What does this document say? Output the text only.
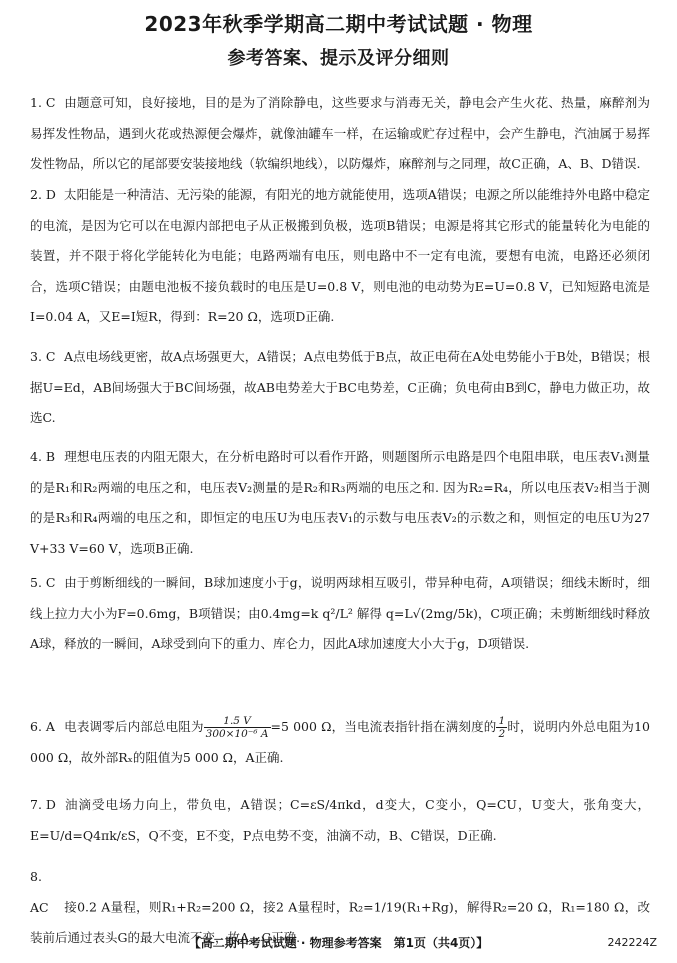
2023年秋季学期高二期中考试试题 · 物理
参考答案、提示及评分细则
1. C 由题意可知，良好接地，目的是为了消除静电，这些要求与消毒无关，静电会产生火花、热量，麻醉剂为易挥发性物品，遇到火花或热源便会爆炸，就像油罐车一样，在运输或贮存过程中，会产生静电，汽油属于易挥发性物品，所以它的尾部要安装接地线（软编织地线），以防爆炸，麻醉剂与之同理，故C正确，A、B、D错误.
2. D 太阳能是一种清洁、无污染的能源，有阳光的地方就能使用，选项A错误；电源之所以能维持外电路中稳定的电流，是因为它可以在电源内部把电子从正极搬到负极，选项B错误；电源是将其它形式的能量转化为电能的装置，并不限于将化学能转化为电能；电路两端有电压，则电路中不一定有电流，要想有电流，电路还必须闭合，选项C错误；由题电池板不接负载时的电压是U=0.8 V，则电池的电动势为E=U=0.8 V，已知短路电流是I=0.04 A，又E=I短R，得到：R=20 Ω，选项D正确.
3. C A点电场线更密，故A点场强更大，A错误；A点电势低于B点，故正电荷在A处电势能小于B处，B错误；根据U=Ed，AB间场强大于BC间场强，故AB电势差大于BC电势差，C正确；负电荷由B到C，静电力做正功，故选C.
4. B 理想电压表的内阻无限大，在分析电路时可以看作开路，则题图所示电路是四个电阻串联，电压表V₁测量的是R₁和R₂两端的电压之和，电压表V₂测量的是R₂和R₃两端的电压之和. 因为R₂=R₄，所以电压表V₂相当于测的是R₃和R₄两端的电压之和，即恒定的电压U为电压表V₁的示数与电压表V₂的示数之和，则恒定的电压U为27 V+33 V=60 V，选项B正确.
5. C 由于剪断细线的一瞬间，B球加速度小于g，说明两球相互吸引，带异种电荷，A项错误；细线未断时，细线上拉力大小为F=0.6mg，B项错误；由0.4mg=k q²/L² 解得 q=L√(2mg/5k)，C项正确；未剪断细线时释放A球，释放的一瞬间，A球受到向下的重力、库仑力，因此A球加速度大小大于g，D项错误.
6. A 电表调零后内部总电阻为 $\frac{1.5 V}{\text{300×10⁻⁶ A}} =5$ 000 Ω，当电流表指针指在满刻度的 $\frac{1}{2}$ 时，说明内外总电阻为10 000 Ω，故外部Rₓ的阻值为5 000 Ω，A正确.
7. D 油滴受电场力向上，带负电，A错误；C=εS/4πkd，d变大，C变小，Q=CU，U变大，张角变大，E=U/d=Q4πk/εS，Q不变，E不变，P点电势不变，油滴不动，B、C错误，D正确.
8. AC 接0.2 A量程，则R₁+R₂=200 Ω，接2 A量程时，R₂=1/19(R₁+Rg)，解得R₂=20 Ω，R₁=180 Ω，改装前后通过表头G的最大电流不变，故A、C正确.
【高二期中考试试题 · 物理参考答案　第1页（共4页）】	242224Z
